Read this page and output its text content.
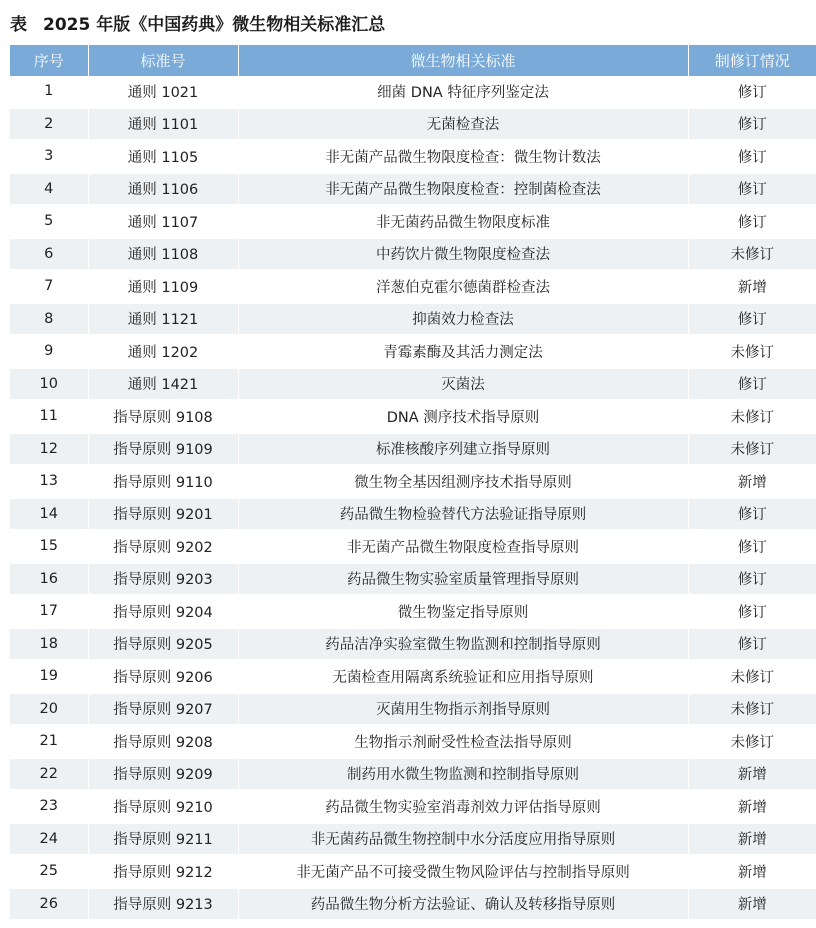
表 2025 年版《中国药典》微生物相关标准汇总
序号	标准号	微生物相关标准	制修订情况
1	通则 1021	细菌 DNA 特征序列鉴定法	修订
2	通则 1101	无菌检查法	修订
3	通则 1105	非无菌产品微生物限度检查：微生物计数法	修订
4	通则 1106	非无菌产品微生物限度检查：控制菌检查法	修订
5	通则 1107	非无菌药品微生物限度标准	修订
6	通则 1108	中药饮片微生物限度检查法	未修订
7	通则 1109	洋葱伯克霍尔德菌群检查法	新增
8	通则 1121	抑菌效力检查法	修订
9	通则 1202	青霉素酶及其活力测定法	未修订
10	通则 1421	灭菌法	修订
11	指导原则 9108	DNA 测序技术指导原则	未修订
12	指导原则 9109	标准核酸序列建立指导原则	未修订
13	指导原则 9110	微生物全基因组测序技术指导原则	新增
14	指导原则 9201	药品微生物检验替代方法验证指导原则	修订
15	指导原则 9202	非无菌产品微生物限度检查指导原则	修订
16	指导原则 9203	药品微生物实验室质量管理指导原则	修订
17	指导原则 9204	微生物鉴定指导原则	修订
18	指导原则 9205	药品洁净实验室微生物监测和控制指导原则	修订
19	指导原则 9206	无菌检查用隔离系统验证和应用指导原则	未修订
20	指导原则 9207	灭菌用生物指示剂指导原则	未修订
21	指导原则 9208	生物指示剂耐受性检查法指导原则	未修订
22	指导原则 9209	制药用水微生物监测和控制指导原则	新增
23	指导原则 9210	药品微生物实验室消毒剂效力评估指导原则	新增
24	指导原则 9211	非无菌药品微生物控制中水分活度应用指导原则	新增
25	指导原则 9212	非无菌产品不可接受微生物风险评估与控制指导原则	新增
26	指导原则 9213	药品微生物分析方法验证、确认及转移指导原则	新增
